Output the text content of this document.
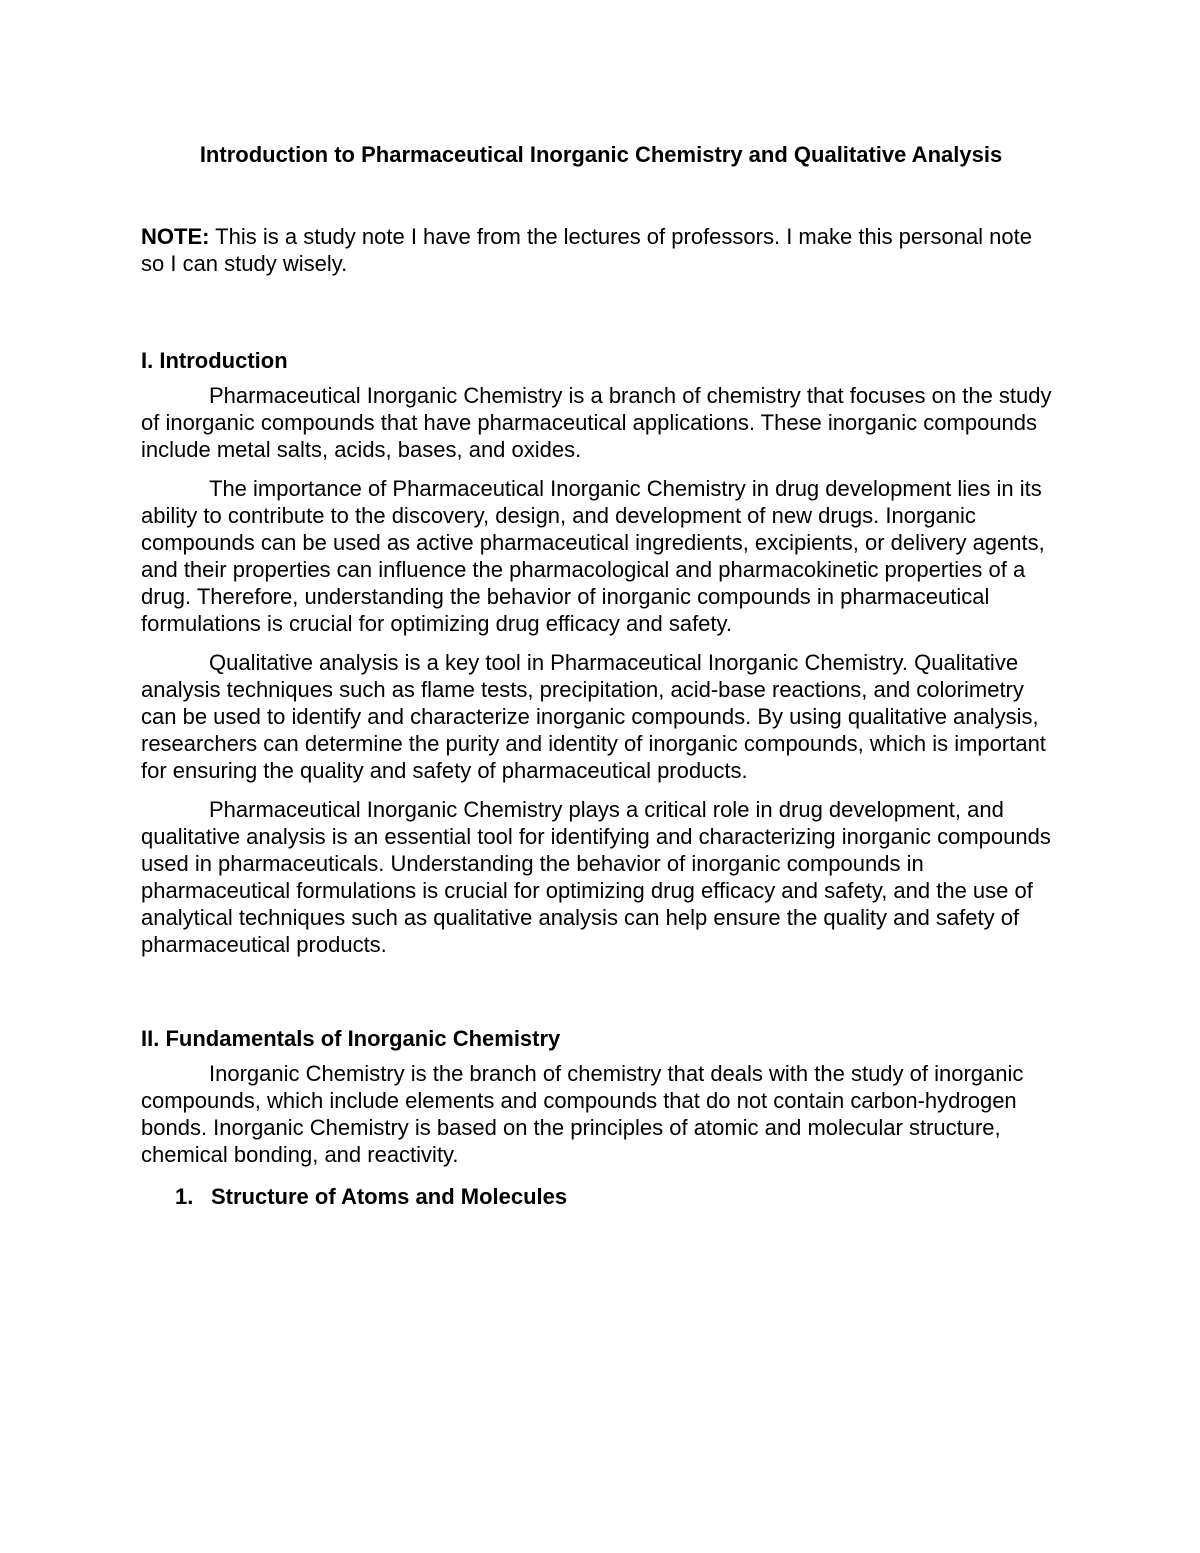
Introduction to Pharmaceutical Inorganic Chemistry and Qualitative Analysis

NOTE: This is a study note I have from the lectures of professors. I make this personal note so I can study wisely.

I. Introduction

Pharmaceutical Inorganic Chemistry is a branch of chemistry that focuses on the study of inorganic compounds that have pharmaceutical applications. These inorganic compounds include metal salts, acids, bases, and oxides.

The importance of Pharmaceutical Inorganic Chemistry in drug development lies in its ability to contribute to the discovery, design, and development of new drugs. Inorganic compounds can be used as active pharmaceutical ingredients, excipients, or delivery agents, and their properties can influence the pharmacological and pharmacokinetic properties of a drug. Therefore, understanding the behavior of inorganic compounds in pharmaceutical formulations is crucial for optimizing drug efficacy and safety.

Qualitative analysis is a key tool in Pharmaceutical Inorganic Chemistry. Qualitative analysis techniques such as flame tests, precipitation, acid-base reactions, and colorimetry can be used to identify and characterize inorganic compounds. By using qualitative analysis, researchers can determine the purity and identity of inorganic compounds, which is important for ensuring the quality and safety of pharmaceutical products.

Pharmaceutical Inorganic Chemistry plays a critical role in drug development, and qualitative analysis is an essential tool for identifying and characterizing inorganic compounds used in pharmaceuticals. Understanding the behavior of inorganic compounds in pharmaceutical formulations is crucial for optimizing drug efficacy and safety, and the use of analytical techniques such as qualitative analysis can help ensure the quality and safety of pharmaceutical products.

II. Fundamentals of Inorganic Chemistry

Inorganic Chemistry is the branch of chemistry that deals with the study of inorganic compounds, which include elements and compounds that do not contain carbon-hydrogen bonds. Inorganic Chemistry is based on the principles of atomic and molecular structure, chemical bonding, and reactivity.

1. Structure of Atoms and Molecules
